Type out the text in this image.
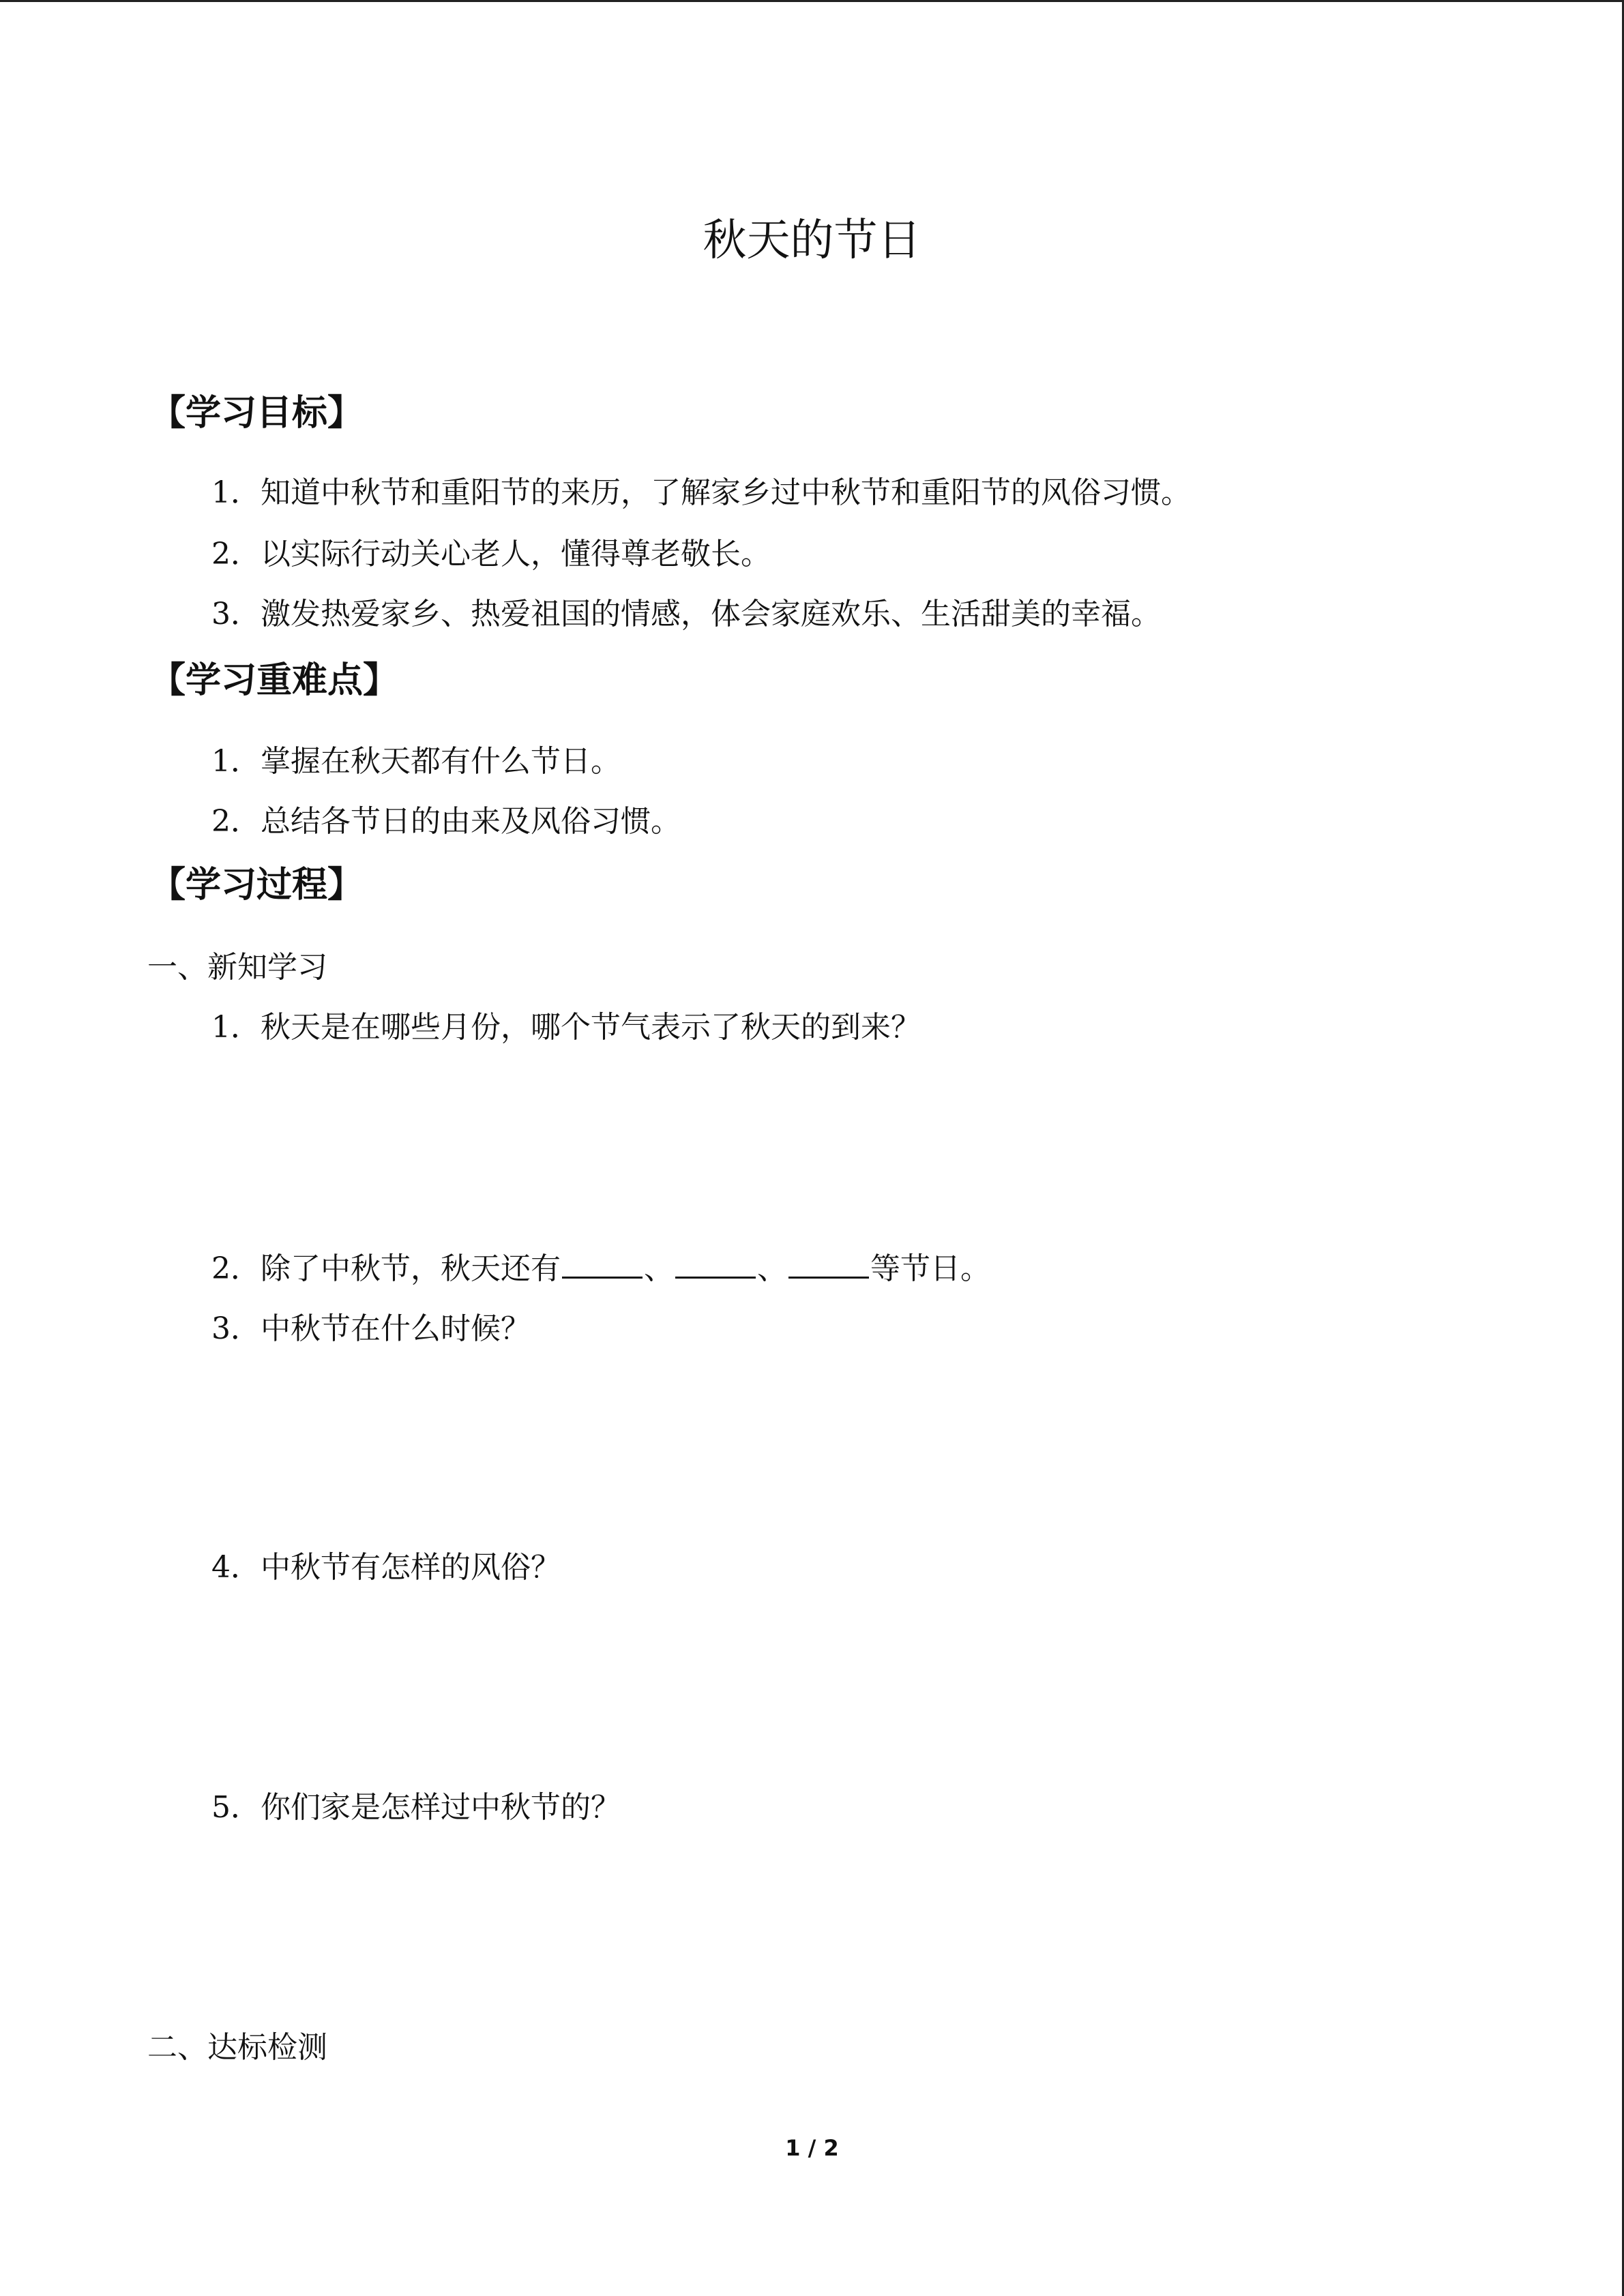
秋天的节日
【学习目标】
1．知道中秋节和重阳节的来历，了解家乡过中秋节和重阳节的风俗习惯。
2．以实际行动关心老人，懂得尊老敬长。
3．激发热爱家乡、热爱祖国的情感，体会家庭欢乐、生活甜美的幸福。
【学习重难点】
1．掌握在秋天都有什么节日。
2．总结各节日的由来及风俗习惯。
【学习过程】
一、新知学习
1．秋天是在哪些月份，哪个节气表示了秋天的到来？
2．除了中秋节，秋天还有	、	、	等节日。
3．中秋节在什么时候？
4．中秋节有怎样的风俗？
5．你们家是怎样过中秋节的？
二、达标检测
1 / 2
